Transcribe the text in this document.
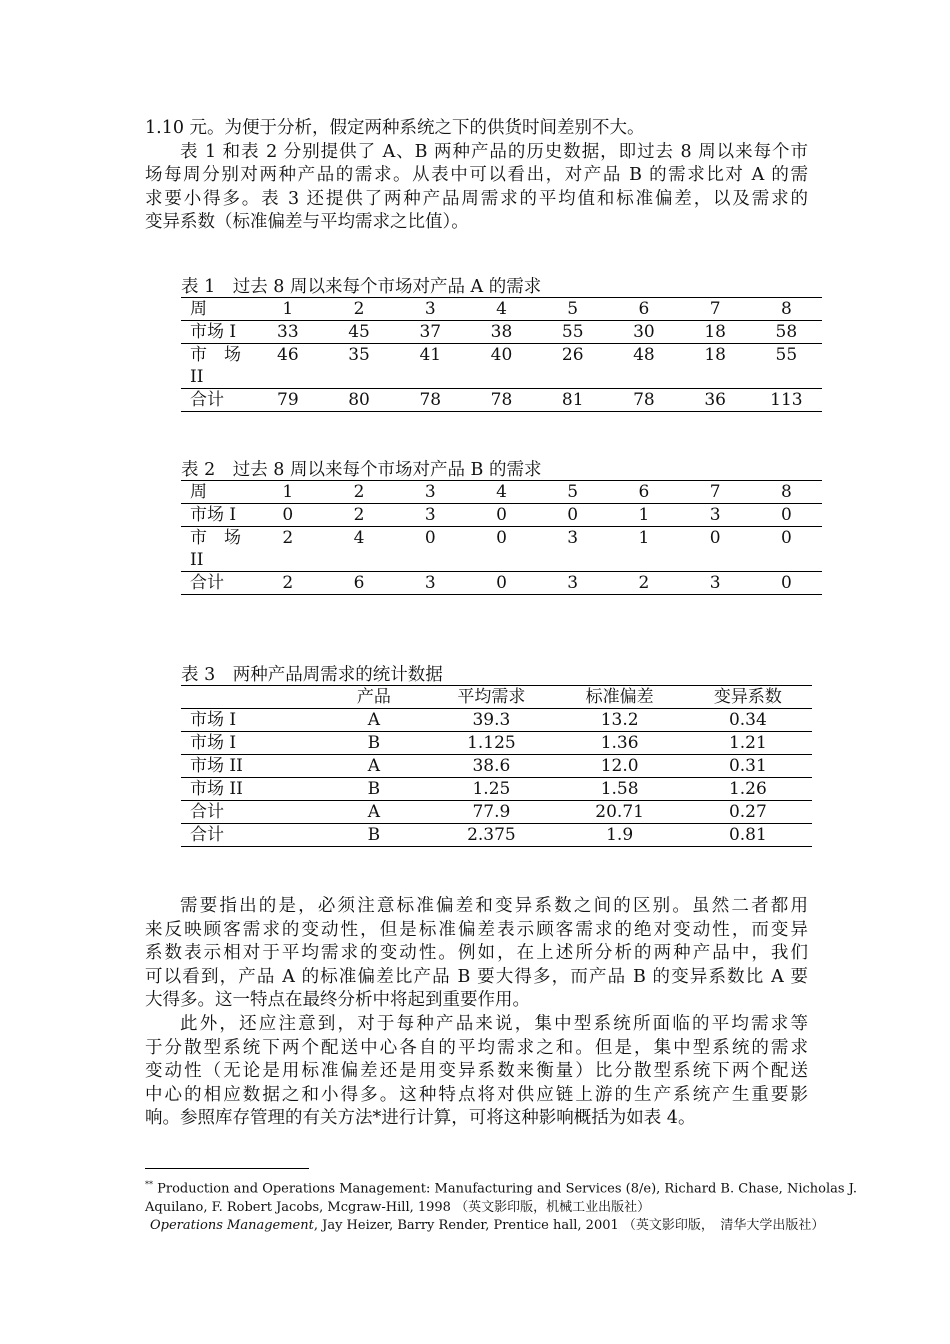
1.10 元。为便于分析，假定两种系统之下的供货时间差别不大。
表 1 和表 2 分别提供了 A、B 两种产品的历史数据，即过去 8 周以来每个市
场每周分别对两种产品的需求。从表中可以看出，对产品 B 的需求比对 A 的需
求要小得多。表 3 还提供了两种产品周需求的平均值和标准偏差，以及需求的
变异系数（标准偏差与平均需求之比值）。
表 1　过去 8 周以来每个市场对产品 A 的需求
周	1	2	3	4	5	6	7	8
市场 I	33	45	37	38	55	30	18	58
市　场 II	46	35	41	40	26	48	18	55
合计	79	80	78	78	81	78	36	113
表 2　过去 8 周以来每个市场对产品 B 的需求
周	1	2	3	4	5	6	7	8
市场 I	0	2	3	0	0	1	3	0
市　场 II	2	4	0	0	3	1	0	0
合计	2	6	3	0	3	2	3	0
表 3　两种产品周需求的统计数据
	产品	平均需求	标准偏差	变异系数
市场 I	A	39.3	13.2	0.34
市场 I	B	1.125	1.36	1.21
市场 II	A	38.6	12.0	0.31
市场 II	B	1.25	1.58	1.26
合计	A	77.9	20.71	0.27
合计	B	2.375	1.9	0.81
需要指出的是，必须注意标准偏差和变异系数之间的区别。虽然二者都用
来反映顾客需求的变动性，但是标准偏差表示顾客需求的绝对变动性，而变异
系数表示相对于平均需求的变动性。例如，在上述所分析的两种产品中，我们
可以看到，产品 A 的标准偏差比产品 B 要大得多，而产品 B 的变异系数比 A 要
大得多。这一特点在最终分析中将起到重要作用。
此外，还应注意到，对于每种产品来说，集中型系统所面临的平均需求等
于分散型系统下两个配送中心各自的平均需求之和。但是，集中型系统的需求
变动性（无论是用标准偏差还是用变异系数来衡量）比分散型系统下两个配送
中心的相应数据之和小得多。这种特点将对供应链上游的生产系统产生重要影
响。参照库存管理的有关方法*进行计算，可将这种影响概括为如表 4。
** Production and Operations Management: Manufacturing and Services (8/e), Richard B. Chase, Nicholas J.
Aquilano, F. Robert Jacobs, Mcgraw-Hill, 1998 （英文影印版，机械工业出版社）
Operations Management, Jay Heizer, Barry Render, Prentice hall, 2001 （英文影印版，　清华大学出版社）
